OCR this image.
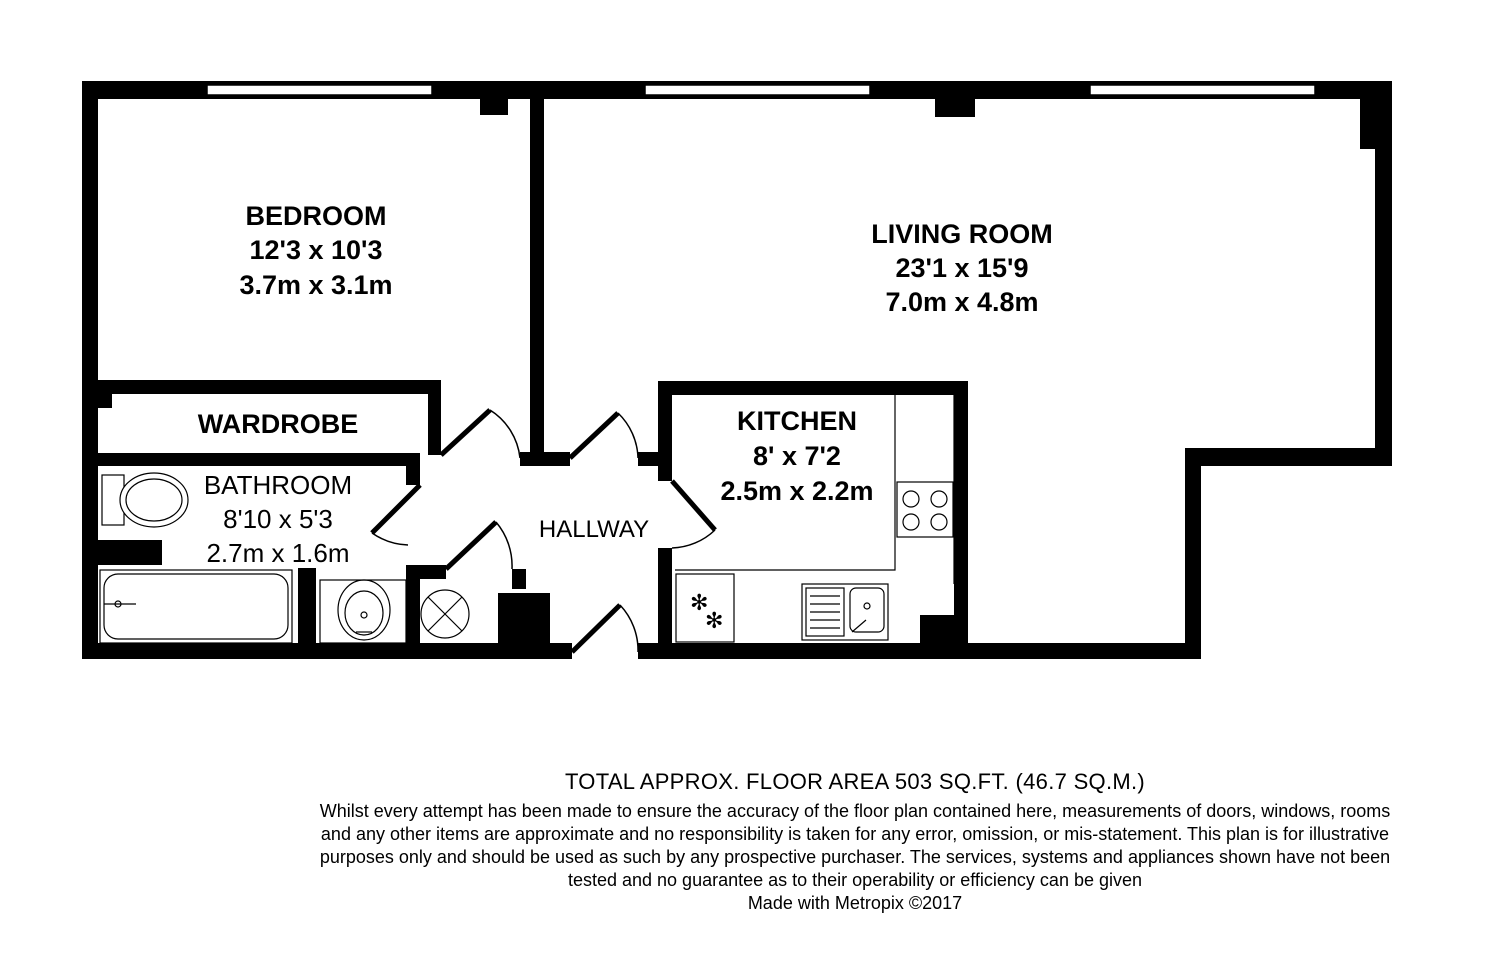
✻
✻
BEDROOM
12'3 x 10'3
3.7m x 3.1m
LIVING ROOM
23'1 x 15'9
7.0m x 4.8m
WARDROBE	KITCHEN
8' x 7'2
2.5m x 2.2m
BATHROOM
8'10 x 5'3
2.7m x 1.6m
HALLWAY
TOTAL APPROX. FLOOR AREA 503 SQ.FT. (46.7 SQ.M.)
Whilst every attempt has been made to ensure the accuracy of the floor plan contained here, measurements of doors, windows, rooms and any other items are approximate and no responsibility is taken for any error, omission, or mis-statement. This plan is for illustrative purposes only and should be used as such by any prospective purchaser. The services, systems and appliances shown have not been tested and no guarantee as to their operability or efficiency can be given
Made with Metropix ©2017
